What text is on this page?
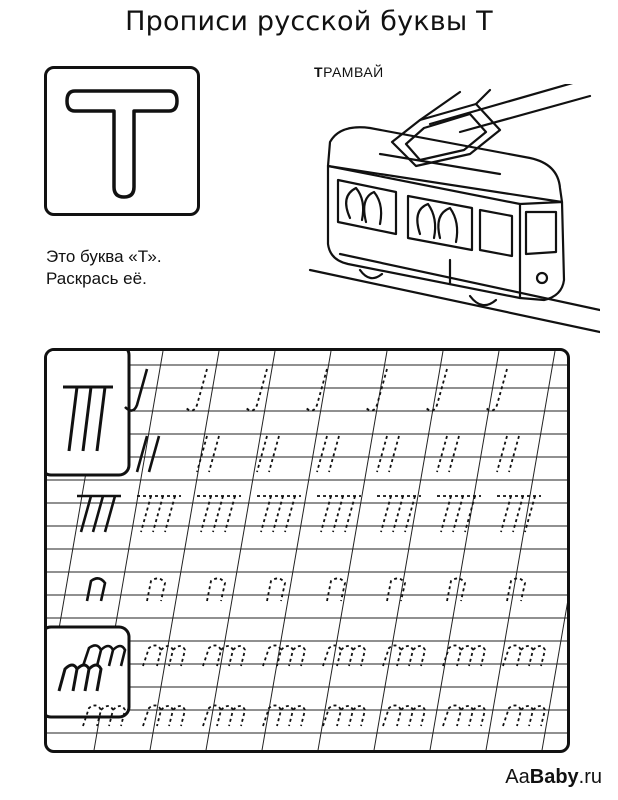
Прописи русской буквы Т
Это буква «Т».
Раскрась её.
ТРАМВАЙ
AaBaby.ru
